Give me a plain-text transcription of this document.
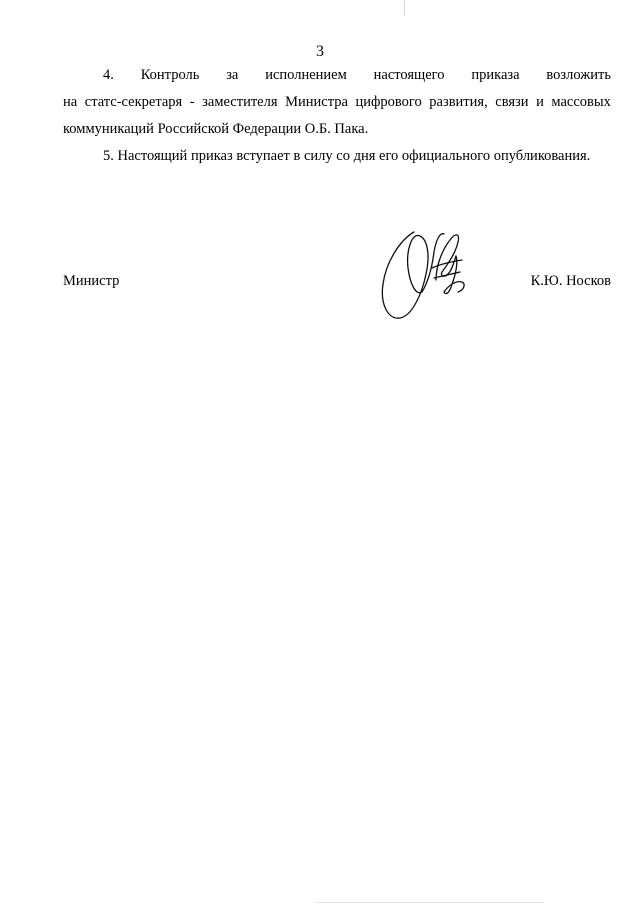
3
4. Контроль за исполнением настоящего приказа возложить
на статс-секретаря - заместителя Министра цифрового развития, связи и массовых
коммуникаций Российской Федерации О.Б. Пака.
5. Настоящий приказ вступает в силу со дня его официального опубликования.
Министр	К.Ю. Носков
